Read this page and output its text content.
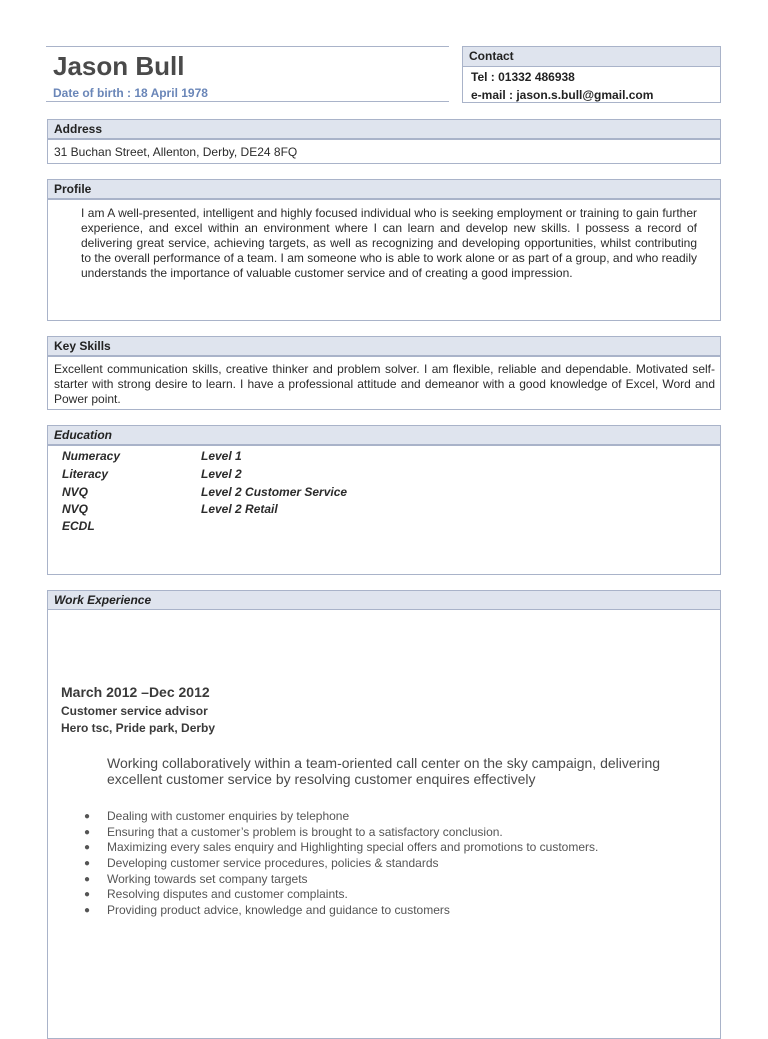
Jason Bull
Date of birth : 18 April 1978
Contact
Tel : 01332 486938
e-mail : jason.s.bull@gmail.com
Address
31 Buchan Street, Allenton, Derby, DE24 8FQ
Profile
I am A well-presented, intelligent and highly focused individual who is seeking employment or training to gain further experience, and excel within an environment where I can learn and develop new skills. I possess a record of delivering great service, achieving targets, as well as recognizing and developing opportunities, whilst contributing to the overall performance of a team. I am someone who is able to work alone or as part of a group, and who readily understands the importance of valuable customer service and of creating a good impression.
Key Skills
Excellent communication skills, creative thinker and problem solver. I am flexible, reliable and dependable. Motivated self-starter with strong desire to learn. I have a professional attitude and demeanor with a good knowledge of Excel, Word and Power point.
Education
Numeracy	Level 1
Literacy	Level 2
NVQ	Level 2 Customer Service
NVQ	Level 2 Retail
ECDL
Work Experience
March 2012 –Dec 2012
Customer service advisor
Hero tsc, Pride park, Derby
Working collaboratively within a team-oriented call center on the sky campaign, delivering excellent customer service by resolving customer enquires effectively
● Dealing with customer enquiries by telephone
● Ensuring that a customer’s problem is brought to a satisfactory conclusion.
● Maximizing every sales enquiry and Highlighting special offers and promotions to customers.
● Developing customer service procedures, policies & standards
● Working towards set company targets
● Resolving disputes and customer complaints.
● Providing product advice, knowledge and guidance to customers
